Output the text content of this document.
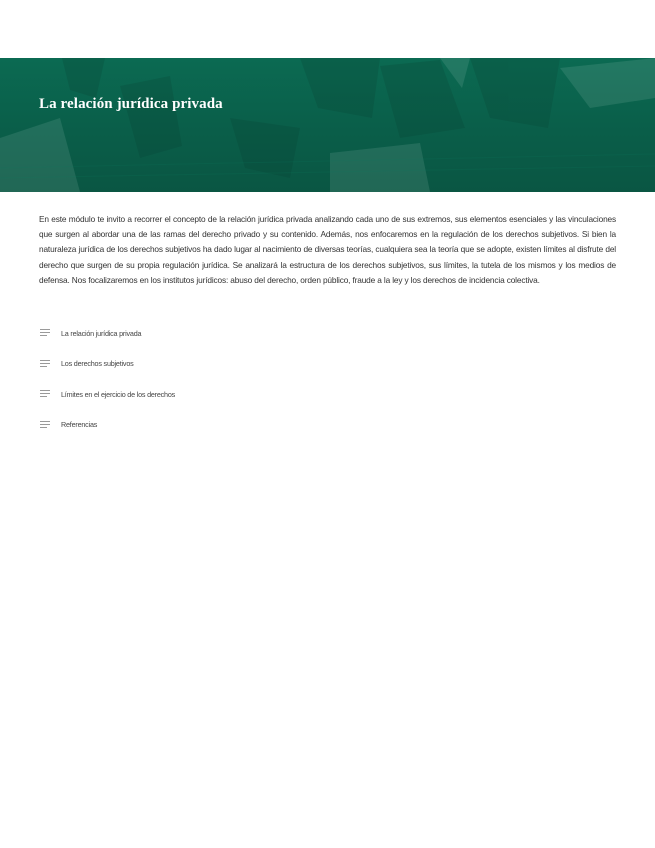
La relación jurídica privada

En este módulo te invito a recorrer el concepto de la relación jurídica privada analizando cada uno de sus extremos, sus elementos esenciales y las vinculaciones que surgen al abordar una de las ramas del derecho privado y su contenido. Además, nos enfocaremos en la regulación de los derechos subjetivos. Si bien la naturaleza jurídica de los derechos subjetivos ha dado lugar al nacimiento de diversas teorías, cualquiera sea la teoría que se adopte, existen límites al disfrute del derecho que surgen de su propia regulación jurídica. Se analizará la estructura de los derechos subjetivos, sus límites, la tutela de los mismos y los medios de defensa. Nos focalizaremos en los institutos jurídicos: abuso del derecho, orden público, fraude a la ley y los derechos de incidencia colectiva.

La relación jurídica privada
Los derechos subjetivos
Límites en el ejercicio de los derechos
Referencias
